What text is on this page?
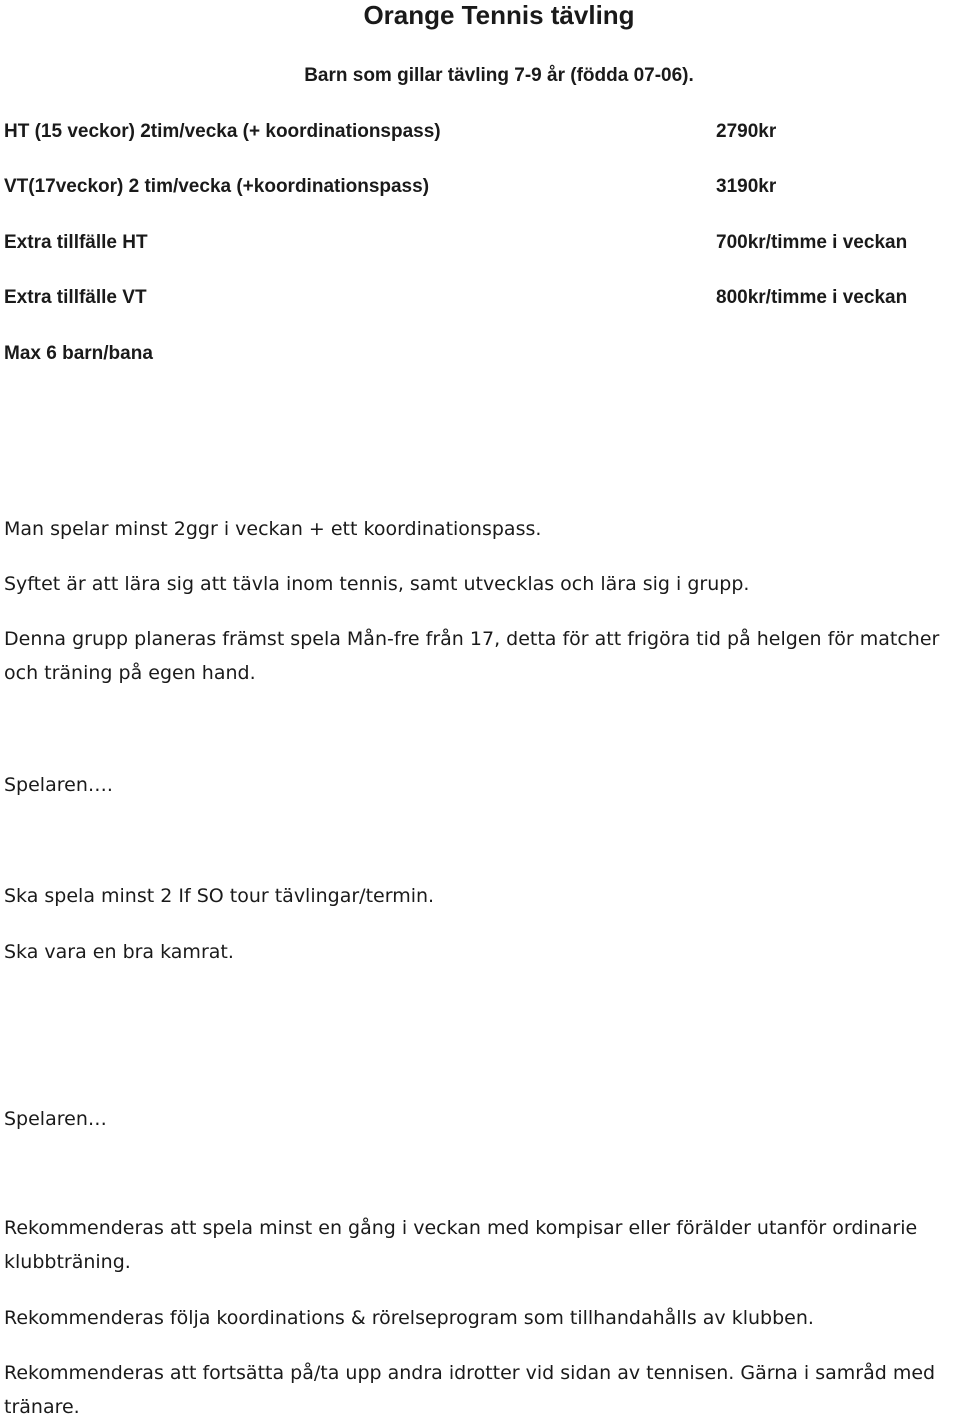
Orange Tennis tävling
Barn som gillar tävling 7-9 år (födda 07-06).
HT (15 veckor) 2tim/vecka (+ koordinationspass)	2790kr
VT(17veckor) 2 tim/vecka (+koordinationspass)	3190kr
Extra tillfälle HT	700kr/timme i veckan
Extra tillfälle VT	800kr/timme i veckan
Max 6 barn/bana
Man spelar minst 2ggr i veckan + ett koordinationspass.
Syftet är att lära sig att tävla inom tennis, samt utvecklas och lära sig i grupp.
Denna grupp planeras främst spela Mån-fre från 17, detta för att frigöra tid på helgen för matcher och träning på egen hand.
Spelaren….
Ska spela minst 2 If SO tour tävlingar/termin.
Ska vara en bra kamrat.
Spelaren…
Rekommenderas att spela minst en gång i veckan med kompisar eller förälder utanför ordinarie klubbträning.
Rekommenderas följa koordinations & rörelseprogram som tillhandahålls av klubben.
Rekommenderas att fortsätta på/ta upp andra idrotter vid sidan av tennisen. Gärna i samråd med tränare.
